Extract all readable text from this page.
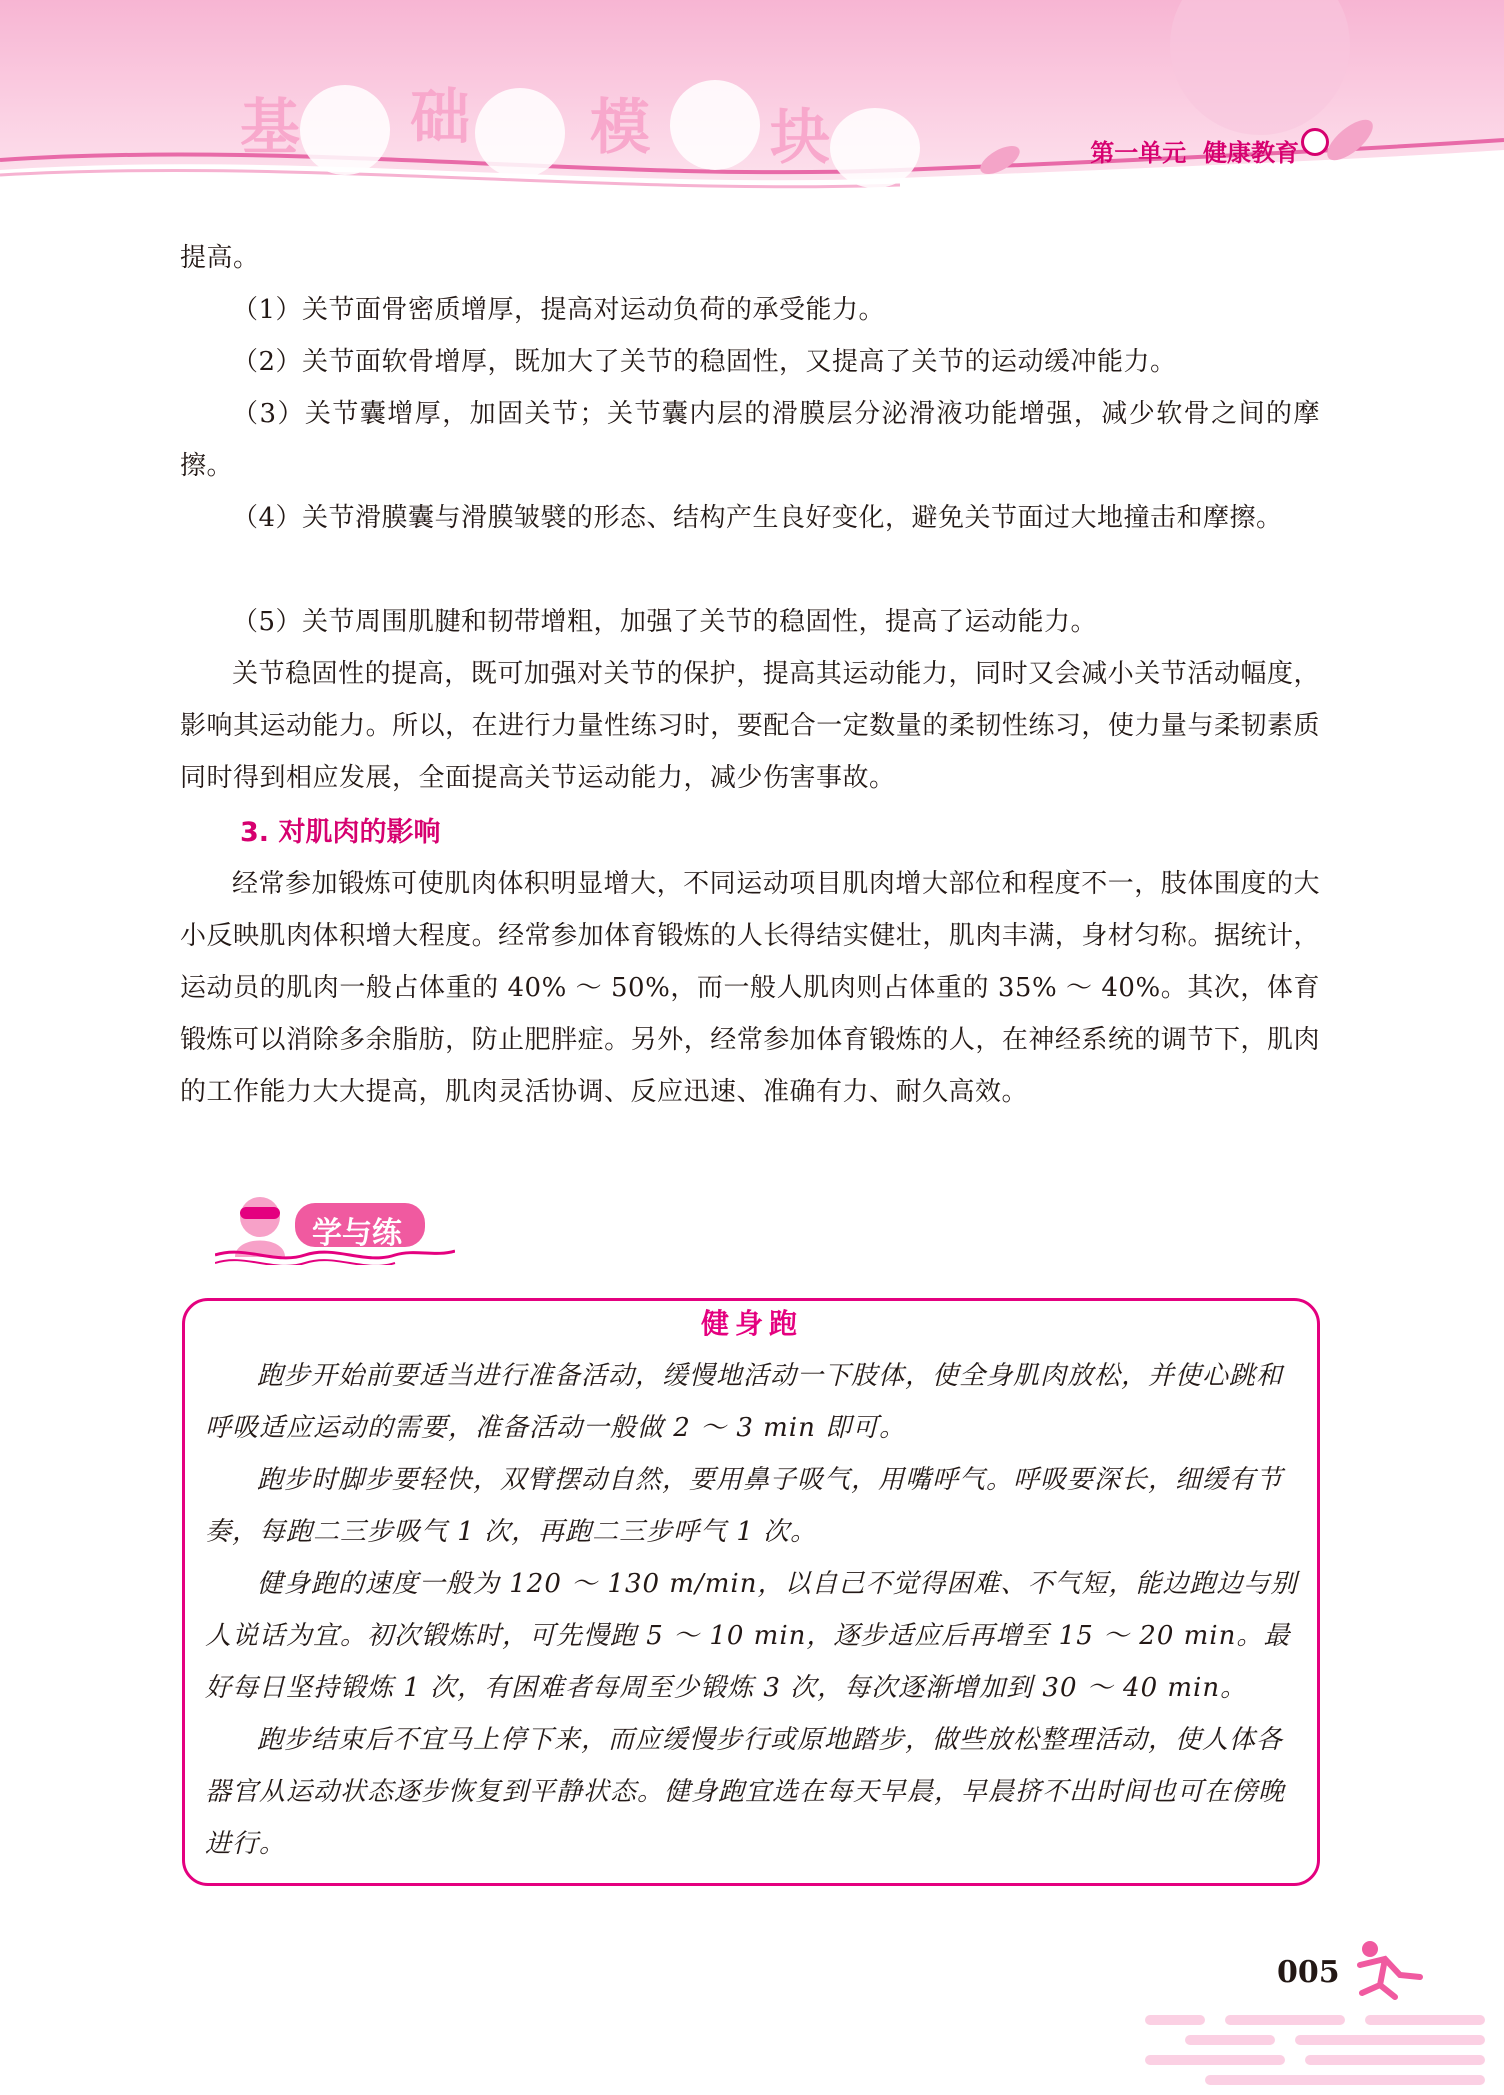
基 础 模 块	第一单元 健康教育

提高。

（1）关节面骨密质增厚，提高对运动负荷的承受能力。

（2）关节面软骨增厚，既加大了关节的稳固性，又提高了关节的运动缓冲能力。

（3）关节囊增厚，加固关节；关节囊内层的滑膜层分泌滑液功能增强，减少软骨之间的摩擦。

（4）关节滑膜囊与滑膜皱襞的形态、结构产生良好变化，避免关节面过大地撞击和摩擦。

（5）关节周围肌腱和韧带增粗，加强了关节的稳固性，提高了运动能力。

关节稳固性的提高，既可加强对关节的保护，提高其运动能力，同时又会减小关节活动幅度，影响其运动能力。所以，在进行力量性练习时，要配合一定数量的柔韧性练习，使力量与柔韧素质同时得到相应发展，全面提高关节运动能力，减少伤害事故。

3. 对肌肉的影响

经常参加锻炼可使肌肉体积明显增大，不同运动项目肌肉增大部位和程度不一，肢体围度的大小反映肌肉体积增大程度。经常参加体育锻炼的人长得结实健壮，肌肉丰满，身材匀称。据统计，运动员的肌肉一般占体重的 40% ～ 50%，而一般人肌肉则占体重的 35% ～ 40%。其次，体育锻炼可以消除多余脂肪，防止肥胖症。另外，经常参加体育锻炼的人，在神经系统的调节下，肌肉的工作能力大大提高，肌肉灵活协调、反应迅速、准确有力、耐久高效。

学与练
健身跑

跑步开始前要适当进行准备活动，缓慢地活动一下肢体，使全身肌肉放松，并使心跳和呼吸适应运动的需要，准备活动一般做 2 ～ 3 min 即可。

跑步时脚步要轻快，双臂摆动自然，要用鼻子吸气，用嘴呼气。呼吸要深长，细缓有节奏，每跑二三步吸气 1 次，再跑二三步呼气 1 次。

健身跑的速度一般为 120 ～ 130 m/min，以自己不觉得困难、不气短，能边跑边与别人说话为宜。初次锻炼时，可先慢跑 5 ～ 10 min，逐步适应后再增至 15 ～ 20 min。最好每日坚持锻炼 1 次，有困难者每周至少锻炼 3 次，每次逐渐增加到 30 ～ 40 min。

跑步结束后不宜马上停下来，而应缓慢步行或原地踏步，做些放松整理活动，使人体各器官从运动状态逐步恢复到平静状态。健身跑宜选在每天早晨，早晨挤不出时间也可在傍晚进行。

005
